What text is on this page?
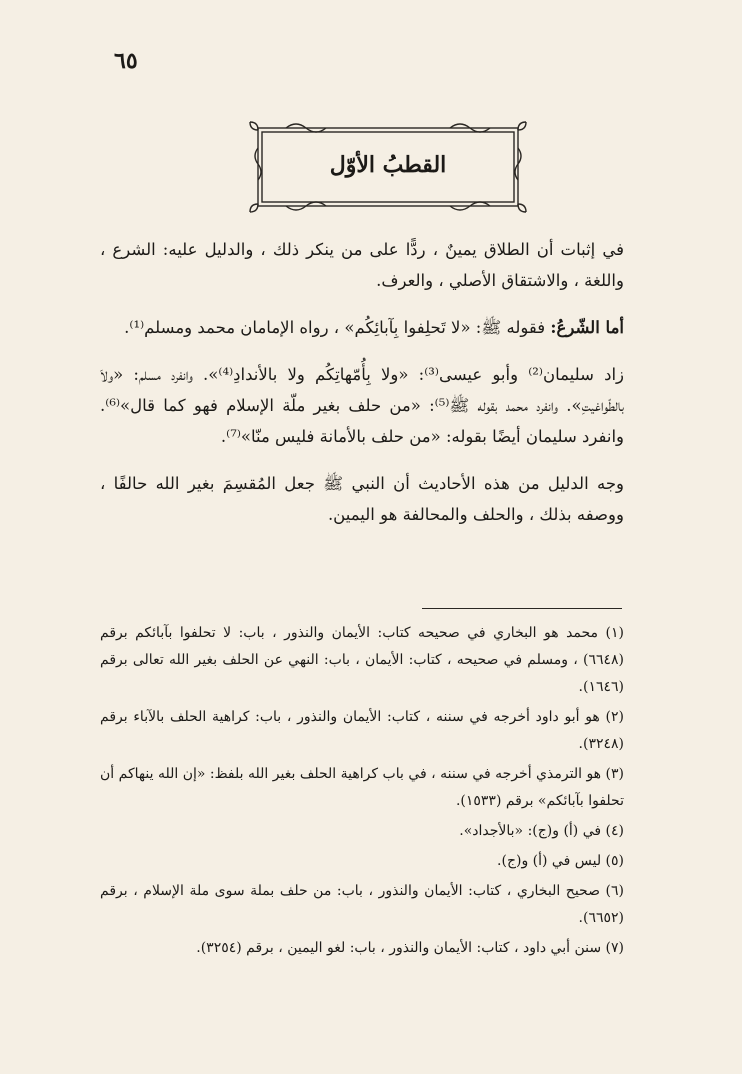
٦٥
القطبُ الأوّل

في إثبات أن الطلاق يمينٌ ، ردًّا على من ينكر ذلك ، والدليل عليه: الشرع ، واللغة ، والاشتقاق الأصلي ، والعرف.

أما الشّرعُ: فقوله ﷺ: «لا تَحلِفوا بِآبائِكُم» ، رواه الإمامان محمد ومسلم⁽¹⁾.

زاد سليمان⁽²⁾ وأبو عيسى⁽³⁾: «ولا بِأُمّهاتِكُم ولا بالأندادِ⁽⁴⁾». وانفرد مسلم: «ولاَ بالطّواغيتِ». وانفرد محمد بقوله ﷺ⁽⁵⁾: «من حلف بغير ملّة الإسلام فهو كما قال»⁽⁶⁾. وانفرد سليمان أيضًا بقوله: «من حلف بالأمانة فليس منّا»⁽⁷⁾.

وجه الدليل من هذه الأحاديث أن النبي ﷺ جعل المُقسِمَ بغير الله حالفًا ، ووصفه بذلك ، والحلف والمحالفة هو اليمين.

(١) محمد هو البخاري في صحيحه كتاب: الأيمان والنذور ، باب: لا تحلفوا بآبائكم برقم (٦٦٤٨) ، ومسلم في صحيحه ، كتاب: الأيمان ، باب: النهي عن الحلف بغير الله تعالى برقم (١٦٤٦).
(٢) هو أبو داود أخرجه في سننه ، كتاب: الأيمان والنذور ، باب: كراهية الحلف بالآباء برقم (٣٢٤٨).
(٣) هو الترمذي أخرجه في سننه ، في باب كراهية الحلف بغير الله بلفظ: «إن الله ينهاكم أن تحلفوا بآبائكم» برقم (١٥٣٣).
(٤) في (أ) و(ج): «بالأجداد».
(٥) ليس في (أ) و(ج).
(٦) صحيح البخاري ، كتاب: الأيمان والنذور ، باب: من حلف بملة سوى ملة الإسلام ، برقم (٦٦٥٢).
(٧) سنن أبي داود ، كتاب: الأيمان والنذور ، باب: لغو اليمين ، برقم (٣٢٥٤).
